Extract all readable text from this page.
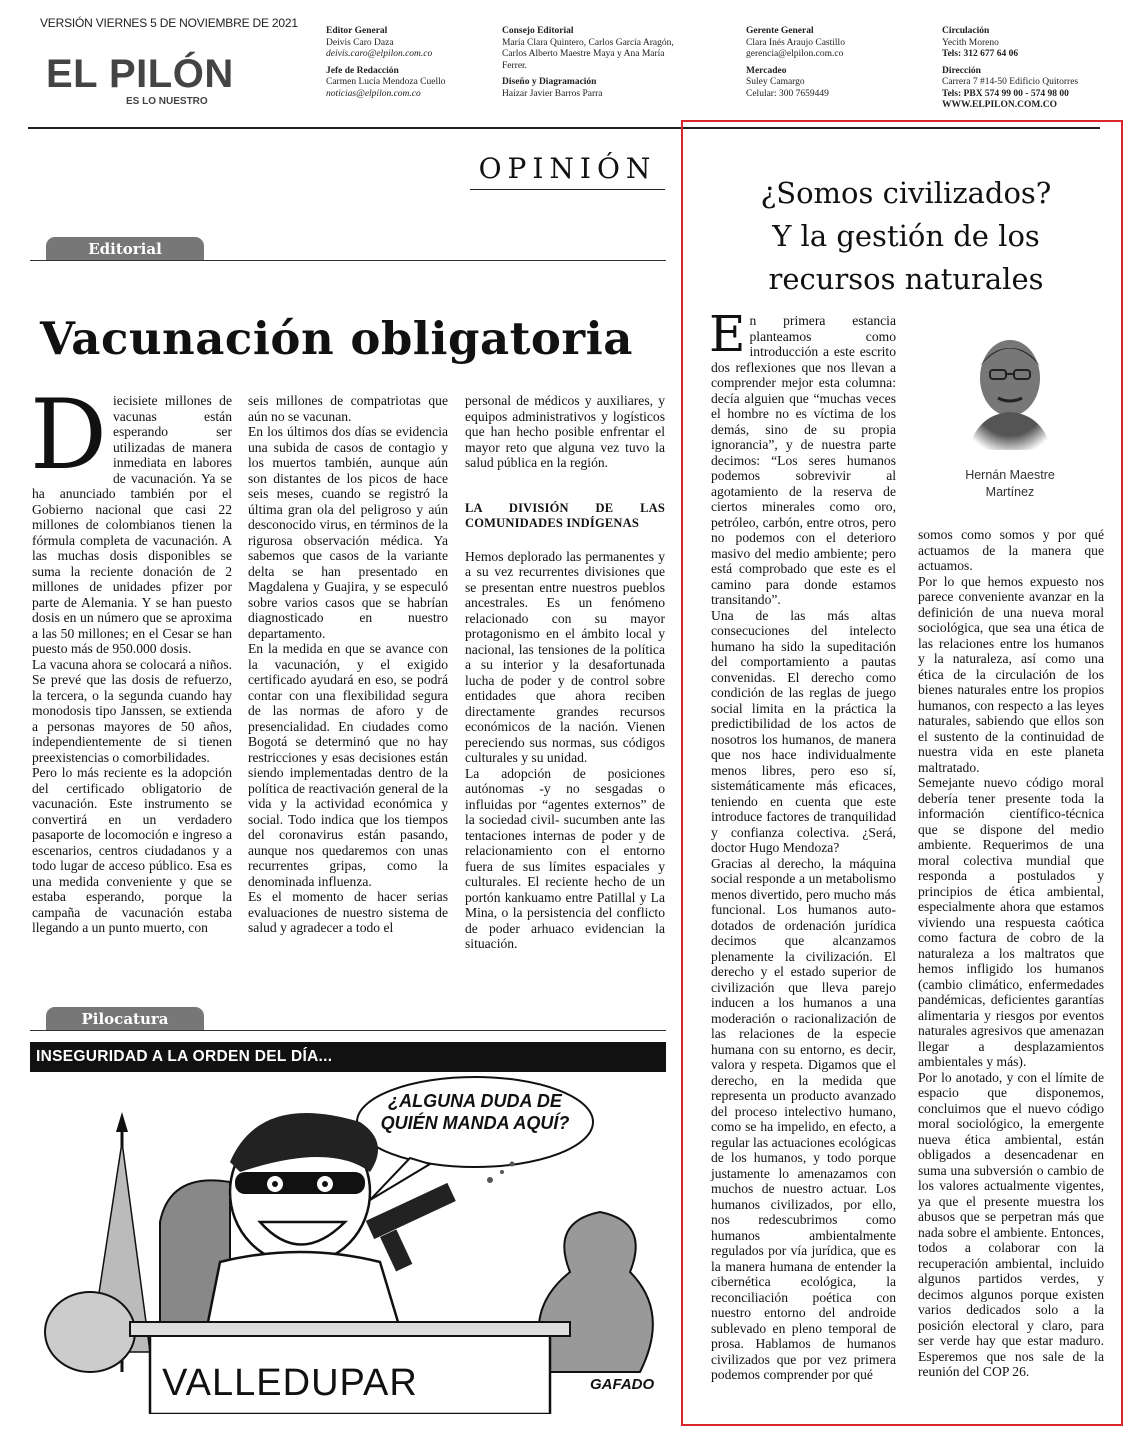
VERSIÓN VIERNES 5 DE NOVIEMBRE DE 2021
EL PILÓN
ES LO NUESTRO
Editor General
Deivis Caro Daza
deivis.caro@elpilon.com.co
Jefe de Redacción
Carmen Lucía Mendoza Cuello
noticias@elpilon.com.co
Consejo Editorial
María Clara Quintero, Carlos García Aragón,
Carlos Alberto Maestre Maya y Ana María
Ferrer.
Diseño y Diagramación
Haizar Javier Barros Parra
Gerente General
Clara Inés Araujo Castillo
gerencia@elpilon.com.co
Mercadeo
Suley Camargo
Celular: 300 7659449
Circulación
Yecith Moreno
Tels: 312 677 64 06
Dirección
Carrera 7 #14-50 Edificio Quitorres
Tels: PBX 574 99 00 - 574 98 00
WWW.ELPILON.COM.CO
OPINIÓN
Editorial
Vacunación obligatoria
D iecisiete millones de vacunas están esperando ser utilizadas de manera inmediata en labores de vacunación. Ya se ha anunciado también por el Gobierno nacional que casi 22 millones de colombianos tienen la fórmula completa de vacunación. A las muchas dosis disponibles se suma la reciente donación de 2 millones de unidades pfizer por parte de Alemania. Y se han puesto dosis en un número que se aproxima a las 50 millones; en el Cesar se han puesto más de 950.000 dosis.

La vacuna ahora se colocará a niños. Se prevé que las dosis de refuerzo, la tercera, o la segunda cuando hay monodosis tipo Janssen, se extienda a personas mayores de 50 años, independientemente de si tienen preexistencias o comorbilidades.

Pero lo más reciente es la adopción del certificado obligatorio de vacunación. Este instrumento se convertirá en un verdadero pasaporte de locomoción e ingreso a escenarios, centros ciudadanos y a todo lugar de acceso público. Esa es una medida conveniente y que se estaba esperando, porque la campaña de vacunación estaba llegando a un punto muerto, con

seis millones de compatriotas que aún no se vacunan.

En los últimos dos días se evidencia una subida de casos de contagio y los muertos también, aunque aún son distantes de los picos de hace seis meses, cuando se registró la última gran ola del peligroso y aún desconocido virus, en términos de la rigurosa observación médica. Ya sabemos que casos de la variante delta se han presentado en Magdalena y Guajira, y se especuló sobre varios casos que se habrían diagnosticado en nuestro departamento.

En la medida en que se avance con la vacunación, y el exigido certificado ayudará en eso, se podrá contar con una flexibilidad segura de las normas de aforo y de presencialidad. En ciudades como Bogotá se determinó que no hay restricciones y esas decisiones están siendo implementadas dentro de la política de reactivación general de la vida y la actividad económica y social. Todo indica que los tiempos del coronavirus están pasando, aunque nos quedaremos con unas recurrentes gripas, como la denominada influenza.

Es el momento de hacer serias evaluaciones de nuestro sistema de salud y agradecer a todo el

personal de médicos y auxiliares, y equipos administrativos y logísticos que han hecho posible enfrentar el mayor reto que alguna vez tuvo la salud pública en la región.

LA DIVISIÓN DE LAS COMUNIDADES INDÍGENAS

Hemos deplorado las permanentes y a su vez recurrentes divisiones que se presentan entre nuestros pueblos ancestrales. Es un fenómeno relacionado con su mayor protagonismo en el ámbito local y nacional, las tensiones de la política a su interior y la desafortunada lucha de poder y de control sobre entidades que ahora reciben directamente grandes recursos económicos de la nación. Vienen pereciendo sus normas, sus códigos culturales y su unidad.

La adopción de posiciones autónomas -y no sesgadas o influidas por “agentes externos” de la sociedad civil- sucumben ante las tentaciones internas de poder y de relacionamiento con el entorno fuera de sus límites espaciales y culturales. El reciente hecho de un portón kankuamo entre Patillal y La Mina, o la persistencia del conflicto de poder arhuaco evidencian la situación.

Pilocatura
INSEGURIDAD A LA ORDEN DEL DÍA...
¿ALGUNA DUDA DE QUIÉN MANDA AQUÍ?
VALLEDUPAR	GAFADO
¿Somos civilizados?
Y la gestión de los
recursos naturales
Hernán Maestre
Martínez
E n primera estancia planteamos como introducción a este escrito dos reflexiones que nos llevan a comprender mejor esta columna: decía alguien que “muchas veces el hombre no es víctima de los demás, sino de su propia ignorancia”, y de nuestra parte decimos: “Los seres humanos podemos sobrevivir al agotamiento de la reserva de ciertos minerales como oro, petróleo, carbón, entre otros, pero no podemos con el deterioro masivo del medio ambiente; pero está comprobado que este es el camino para donde estamos transitando”.

Una de las más altas consecuciones del intelecto humano ha sido la supeditación del comportamiento a pautas convenidas. El derecho como condición de las reglas de juego social limita en la práctica la predictibilidad de los actos de nosotros los humanos, de manera que nos hace individualmente menos libres, pero eso sí, sistemáticamente más eficaces, teniendo en cuenta que este introduce factores de tranquilidad y confianza colectiva. ¿Será, doctor Hugo Mendoza?

Gracias al derecho, la máquina social responde a un metabolismo menos divertido, pero mucho más funcional. Los humanos auto-dotados de ordenación jurídica decimos que alcanzamos plenamente la civilización. El derecho y el estado superior de civilización que lleva parejo inducen a los humanos a una moderación o racionalización de las relaciones de la especie humana con su entorno, es decir, valora y respeta. Digamos que el derecho, en la medida que representa un producto avanzado del proceso intelectivo humano, como se ha impelido, en efecto, a regular las actuaciones ecológicas de los humanos, y todo porque justamente lo amenazamos con muchos de nuestro actuar. Los humanos civilizados, por ello, nos redescubrimos como humanos ambientalmente regulados por vía jurídica, que es la manera humana de entender la cibernética ecológica, la reconciliación poética con nuestro entorno del androide sublevado en pleno temporal de prosa. Hablamos de humanos civilizados que por vez primera podemos comprender por qué

somos como somos y por qué actuamos de la manera que actuamos.

Por lo que hemos expuesto nos parece conveniente avanzar en la definición de una nueva moral sociológica, que sea una ética de las relaciones entre los humanos y la naturaleza, así como una ética de la circulación de los bienes naturales entre los propios humanos, con respecto a las leyes naturales, sabiendo que ellos son el sustento de la continuidad de nuestra vida en este planeta maltratado.

Semejante nuevo código moral debería tener presente toda la información científico-técnica que se dispone del medio ambiente. Requerimos de una moral colectiva mundial que responda a postulados y principios de ética ambiental, especialmente ahora que estamos viviendo una respuesta caótica como factura de cobro de la naturaleza a los maltratos que hemos infligido los humanos (cambio climático, enfermedades pandémicas, deficientes garantías alimentaria y riesgos por eventos naturales agresivos que amenazan llegar a desplazamientos ambientales y más).

Por lo anotado, y con el límite de espacio que disponemos, concluimos que el nuevo código moral sociológico, la emergente nueva ética ambiental, están obligados a desencadenar en suma una subversión o cambio de los valores actualmente vigentes, ya que el presente muestra los abusos que se perpetran más que nada sobre el ambiente. Entonces, todos a colaborar con la recuperación ambiental, incluido algunos partidos verdes, y decimos algunos porque existen varios dedicados solo a la posición electoral y claro, para ser verde hay que estar maduro. Esperemos que nos sale de la reunión del COP 26.
